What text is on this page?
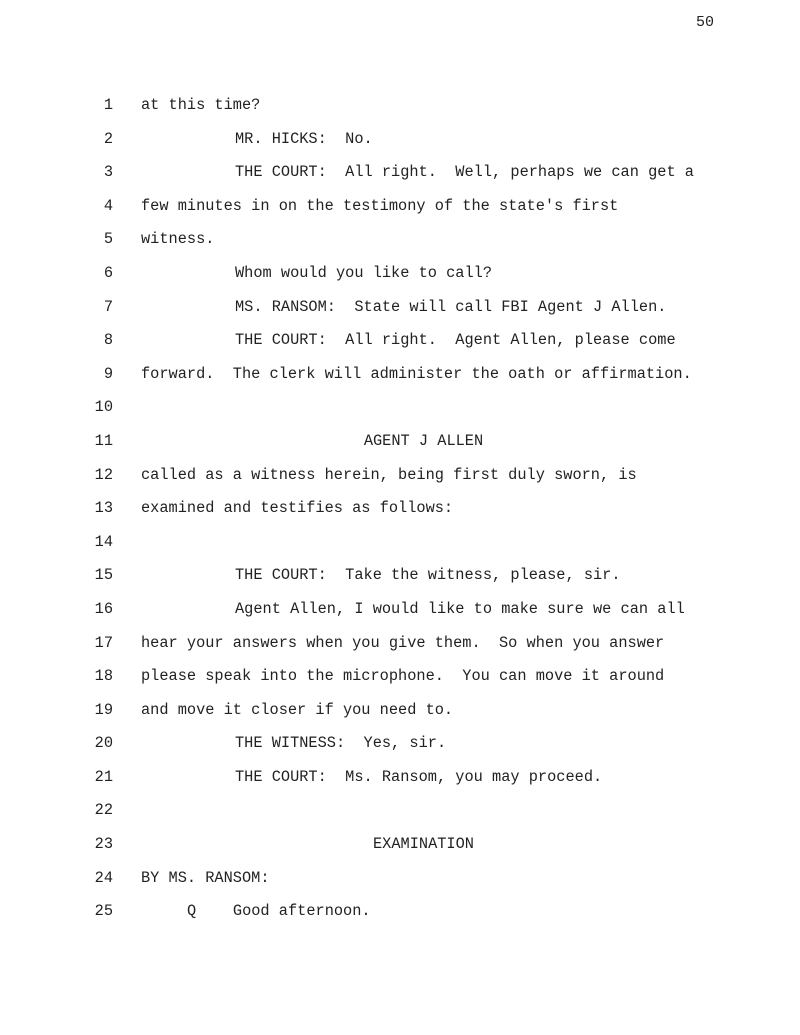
50
1 at this time?
2	MR. HICKS:  No.
3	THE COURT:  All right.  Well, perhaps we can get a
4 few minutes in on the testimony of the state's first
5 witness.
6	Whom would you like to call?
7	MS. RANSOM:  State will call FBI Agent J Allen.
8	THE COURT:  All right.  Agent Allen, please come
9 forward.  The clerk will administer the oath or affirmation.
10
11	AGENT J ALLEN
12 called as a witness herein, being first duly sworn, is
13 examined and testifies as follows:
14
15	THE COURT:  Take the witness, please, sir.
16	Agent Allen, I would like to make sure we can all
17 hear your answers when you give them.  So when you answer
18 please speak into the microphone.  You can move it around
19 and move it closer if you need to.
20	THE WITNESS:  Yes, sir.
21	THE COURT:  Ms. Ransom, you may proceed.
22
23	EXAMINATION
24 BY MS. RANSOM:
25	Q    Good afternoon.
